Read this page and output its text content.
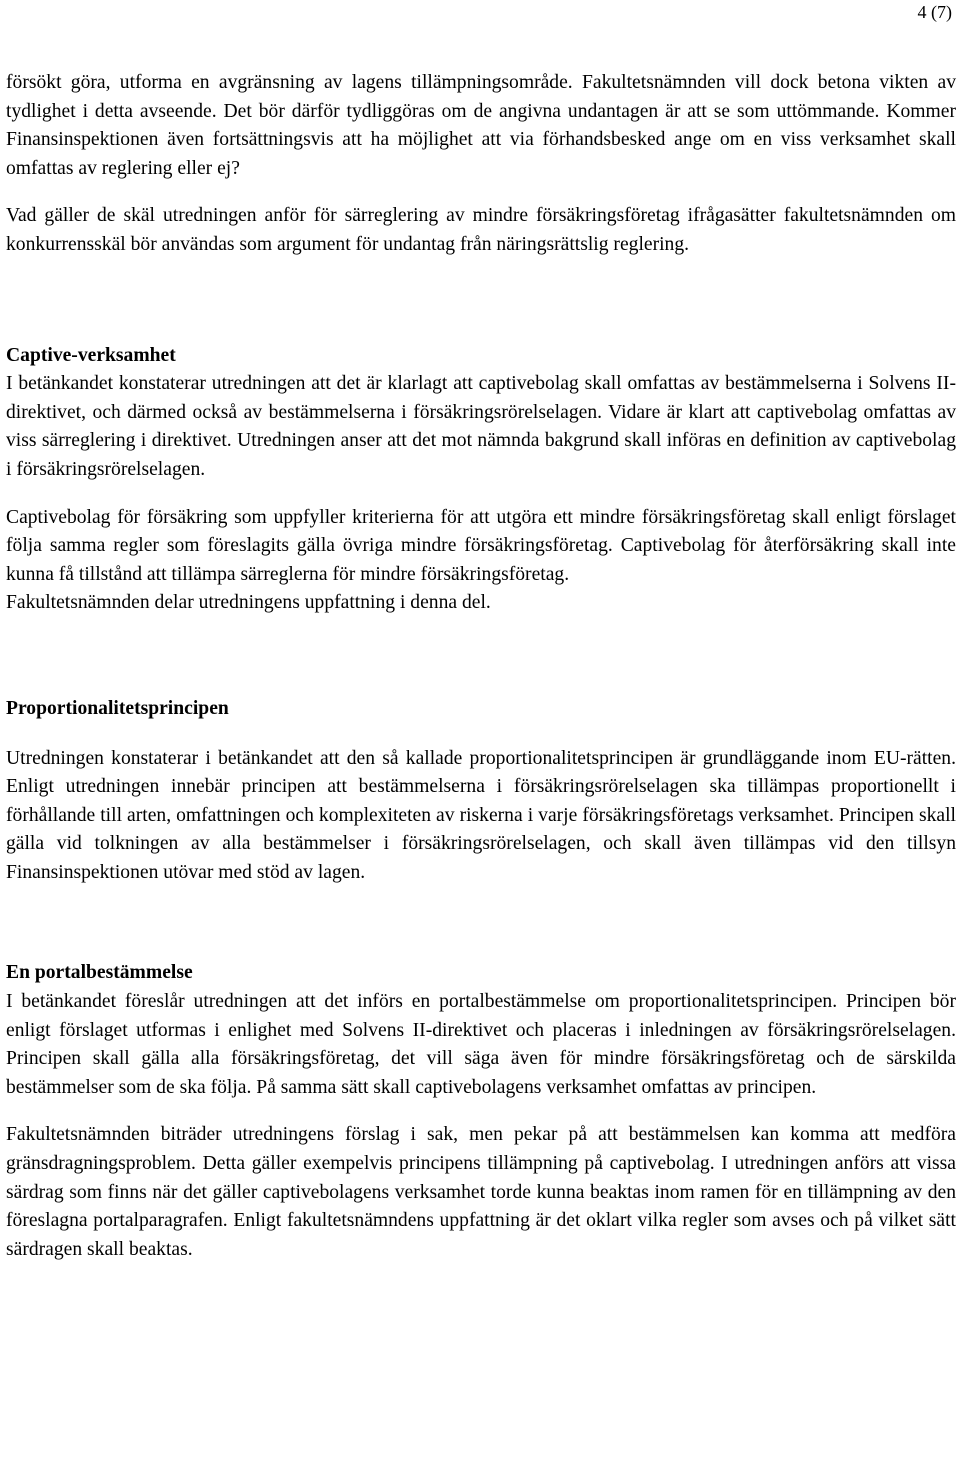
4 (7)

försökt göra, utforma en avgränsning av lagens tillämpningsområde. Fakultetsnämnden vill dock betona vikten av tydlighet i detta avseende. Det bör därför tydliggöras om de angivna undantagen är att se som uttömmande. Kommer Finansinspektionen även fortsättningsvis att ha möjlighet att via förhandsbesked ange om en viss verksamhet skall omfattas av reglering eller ej?

Vad gäller de skäl utredningen anför för särreglering av mindre försäkringsföretag ifrågasätter fakultetsnämnden om konkurrensskäl bör användas som argument för undantag från näringsrättslig reglering.

Captive-verksamhet

I betänkandet konstaterar utredningen att det är klarlagt att captivebolag skall omfattas av bestämmelserna i Solvens II-direktivet, och därmed också av bestämmelserna i försäkringsrörelselagen. Vidare är klart att captivebolag omfattas av viss särreglering i direktivet. Utredningen anser att det mot nämnda bakgrund skall införas en definition av captivebolag i försäkringsrörelselagen.

Captivebolag för försäkring som uppfyller kriterierna för att utgöra ett mindre försäkringsföretag skall enligt förslaget följa samma regler som föreslagits gälla övriga mindre försäkringsföretag. Captivebolag för återförsäkring skall inte kunna få tillstånd att tillämpa särreglerna för mindre försäkringsföretag.

Fakultetsnämnden delar utredningens uppfattning i denna del.

Proportionalitetsprincipen

Utredningen konstaterar i betänkandet att den så kallade proportionalitetsprincipen är grundläggande inom EU-rätten. Enligt utredningen innebär principen att bestämmelserna i försäkringsrörelselagen ska tillämpas proportionellt i förhållande till arten, omfattningen och komplexiteten av riskerna i varje försäkringsföretags verksamhet. Principen skall gälla vid tolkningen av alla bestämmelser i försäkringsrörelselagen, och skall även tillämpas vid den tillsyn Finansinspektionen utövar med stöd av lagen.

En portalbestämmelse

I betänkandet föreslår utredningen att det införs en portalbestämmelse om proportionalitetsprincipen. Principen bör enligt förslaget utformas i enlighet med Solvens II-direktivet och placeras i inledningen av försäkringsrörelselagen. Principen skall gälla alla försäkringsföretag, det vill säga även för mindre försäkringsföretag och de särskilda bestämmelser som de ska följa. På samma sätt skall captivebolagens verksamhet omfattas av principen.

Fakultetsnämnden biträder utredningens förslag i sak, men pekar på att bestämmelsen kan komma att medföra gränsdragningsproblem. Detta gäller exempelvis principens tillämpning på captivebolag. I utredningen anförs att vissa särdrag som finns när det gäller captivebolagens verksamhet torde kunna beaktas inom ramen för en tillämpning av den föreslagna portalparagrafen. Enligt fakultetsnämndens uppfattning är det oklart vilka regler som avses och på vilket sätt särdragen skall beaktas.
